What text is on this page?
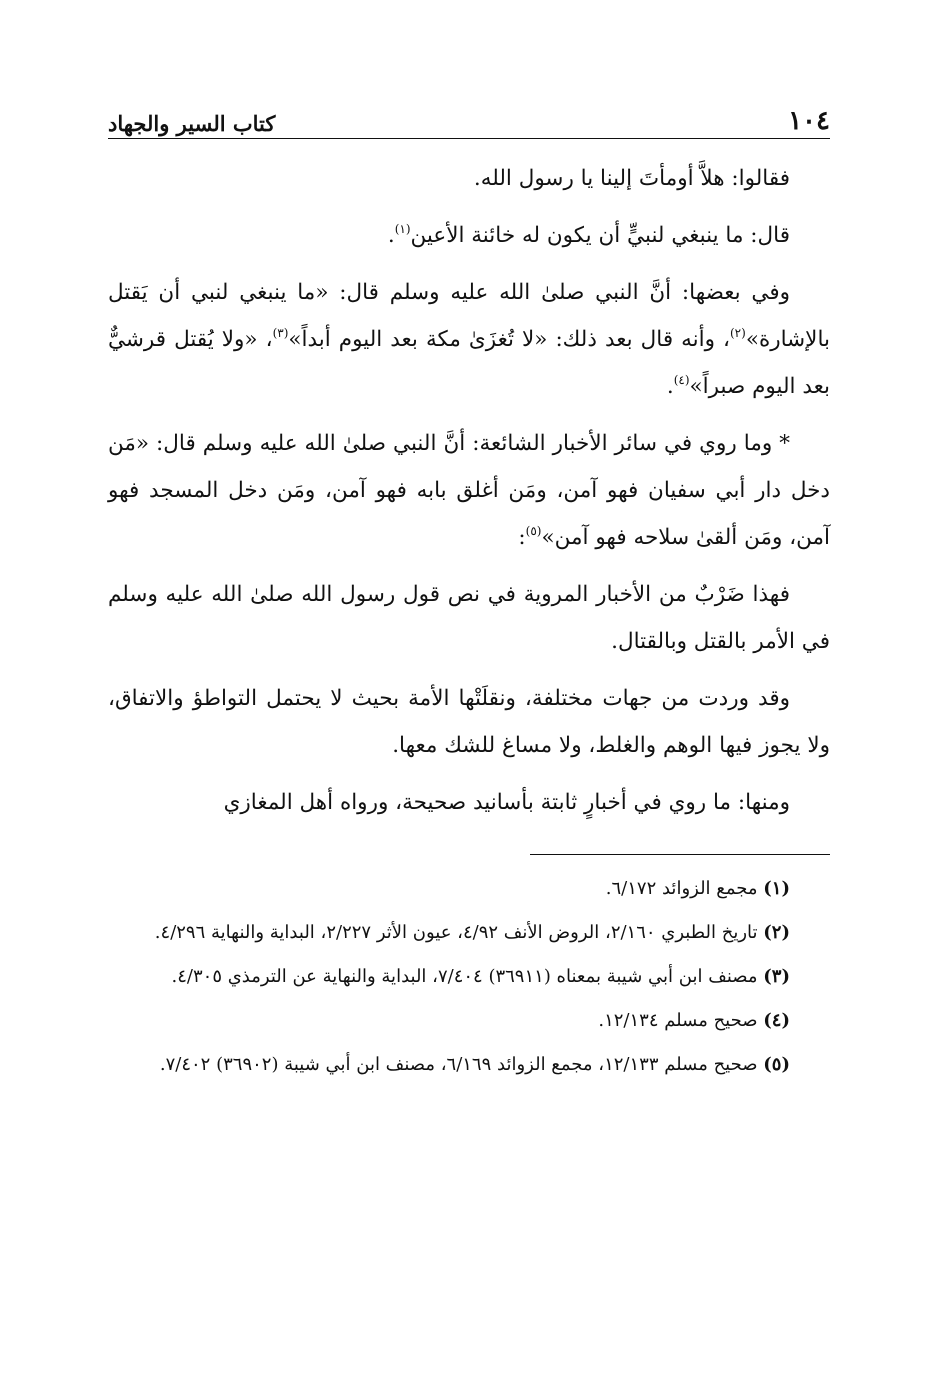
١٠٤
كتاب السير والجهاد

فقالوا: هلاَّ أومأتَ إلينا يا رسول الله.

قال: ما ينبغي لنبيٍّ أن يكون له خائنة الأعين$^{(١)}$.

وفي بعضها: أنَّ النبي صلىٰ الله عليه وسلم قال: «ما ينبغي لنبي أن يَقتل بالإشارة»$^{(٢)}$، وأنه قال بعد ذلك: «لا تُغزَىٰ مكة بعد اليوم أبداً»$^{(٣)}$، «ولا يُقتل قرشيٌّ بعد اليوم صبراً»$^{(٤)}$.

* وما روي في سائر الأخبار الشائعة: أنَّ النبي صلىٰ الله عليه وسلم قال: «مَن دخل دار أبي سفيان فهو آمن، ومَن أغلق بابه فهو آمن، ومَن دخل المسجد فهو آمن، ومَن ألقىٰ سلاحه فهو آمن»$^{(٥)}$:

فهذا ضَرْبٌ من الأخبار المروية في نص قول رسول الله صلىٰ الله عليه وسلم في الأمر بالقتل وبالقتال.

وقد وردت من جهات مختلفة، ونقلَتْها الأمة بحيث لا يحتمل التواطؤ والاتفاق، ولا يجوز فيها الوهم والغلط، ولا مساغ للشك معها.

ومنها: ما روي في أخبارٍ ثابتة بأسانيد صحيحة، ورواه أهل المغازي

(١) مجمع الزوائد ٦/١٧٢.

(٢) تاريخ الطبري ٢/١٦٠، الروض الأنف ٤/٩٢، عيون الأثر ٢/٢٢٧، البداية والنهاية ٤/٢٩٦.

(٣) مصنف ابن أبي شيبة بمعناه (٣٦٩١١) ٧/٤٠٤، البداية والنهاية عن الترمذي ٤/٣٠٥.

(٤) صحيح مسلم ١٢/١٣٤.

(٥) صحيح مسلم ١٢/١٣٣، مجمع الزوائد ٦/١٦٩، مصنف ابن أبي شيبة (٣٦٩٠٢) ٧/٤٠٢.
